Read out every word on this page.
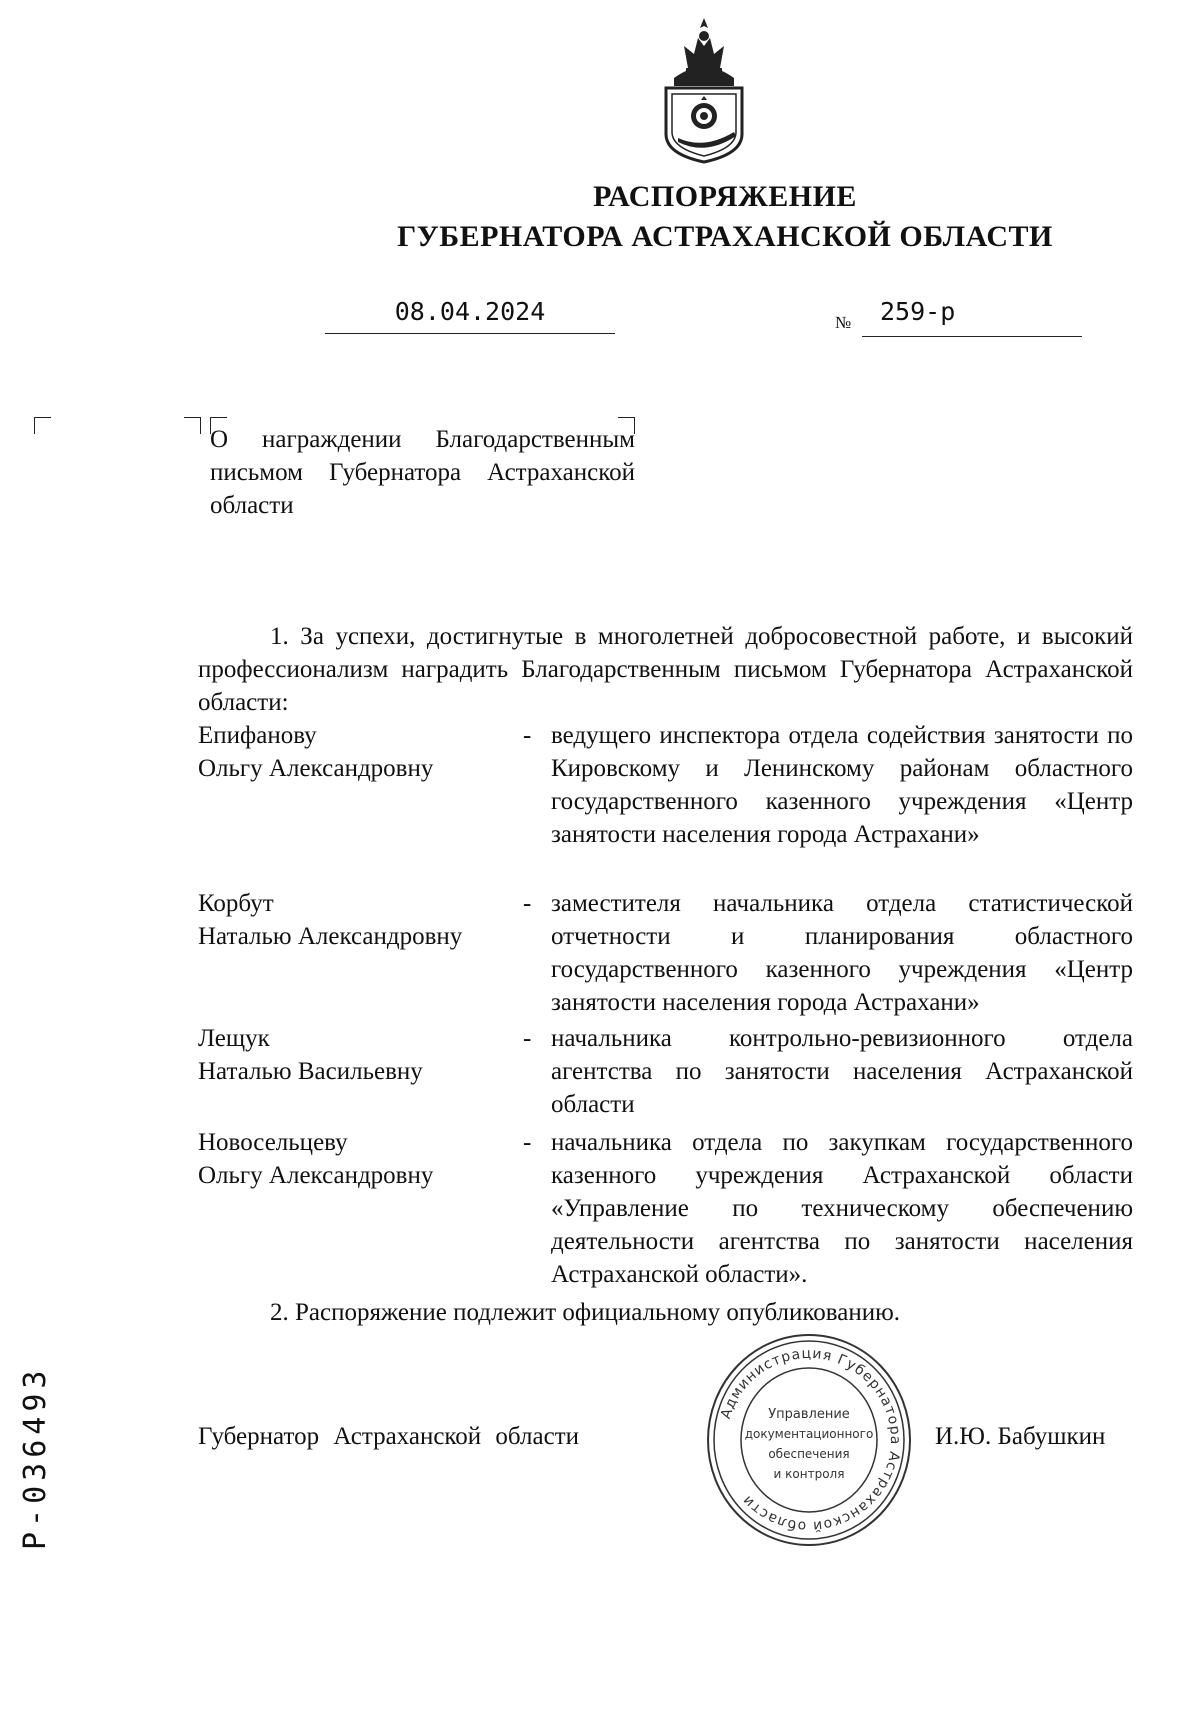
РАСПОРЯЖЕНИЕ
ГУБЕРНАТОРА АСТРАХАНСКОЙ ОБЛАСТИ
08.04.2024	№ 259-р
О награждении Благодарственным письмом Губернатора Астраханской области
1. За успехи, достигнутые в многолетней добросовестной работе, и высокий профессионализм наградить Благодарственным письмом Губернатора Астраханской области:
Епифанову
Ольгу Александровну
- ведущего инспектора отдела содействия занятости по Кировскому и Ленинскому районам областного государственного казенного учреждения «Центр занятости населения города Астрахани»
Корбут
Наталью Александровну
- заместителя начальника отдела статистической отчетности и планирования областного государственного казенного учреждения «Центр занятости населения города Астрахани»
Лещук
Наталью Васильевну
- начальника контрольно-ревизионного отдела агентства по занятости населения Астраханской области
Новосельцеву
Ольгу Александровну
- начальника отдела по закупкам государственного казенного учреждения Астраханской области «Управление по техническому обеспечению деятельности агентства по занятости населения Астраханской области».
2. Распоряжение подлежит официальному опубликованию.
Администрация Губернатора Астраханской области
Управление
документационного
обеспечения
и контроля
Губернатор Астраханской области	И.Ю. Бабушкин
Р-036493
